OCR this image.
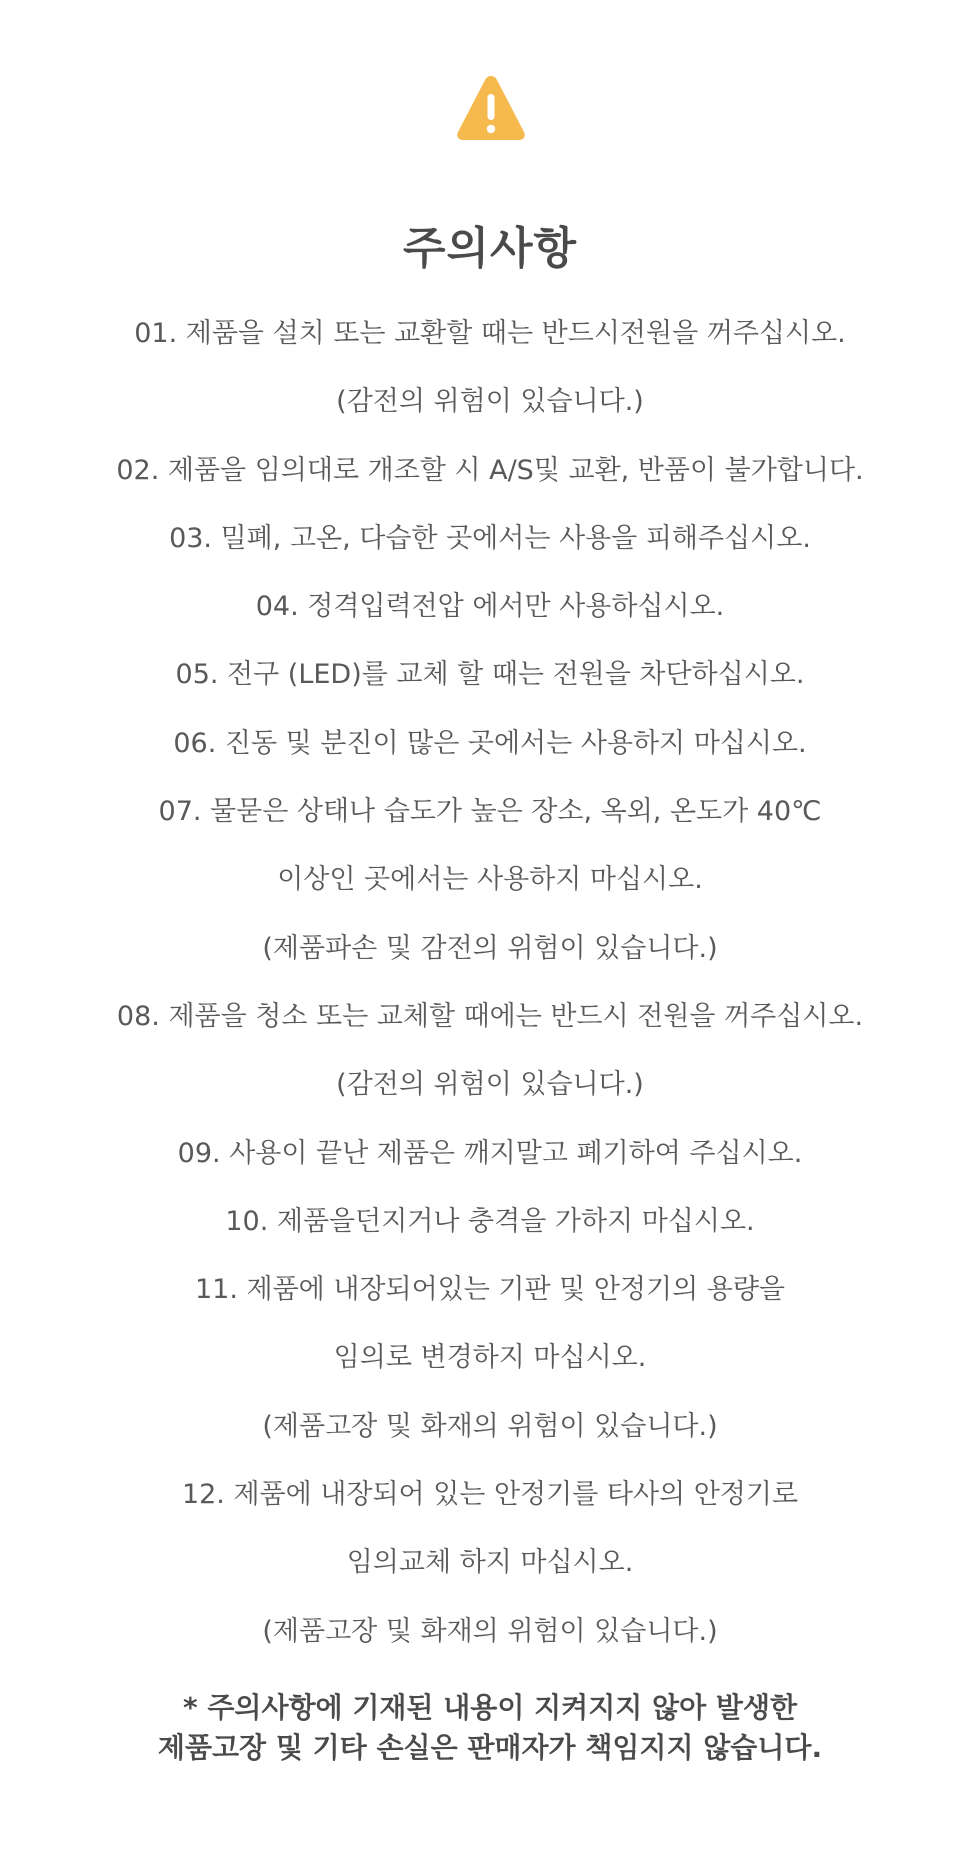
주의사항
01. 제품을 설치 또는 교환할 때는 반드시전원을 꺼주십시오.
(감전의 위험이 있습니다.)
02. 제품을 임의대로 개조할 시 A/S및 교환, 반품이 불가합니다.
03. 밀폐, 고온, 다습한 곳에서는 사용을 피해주십시오.
04. 정격입력전압 에서만 사용하십시오.
05. 전구 (LED)를 교체 할 때는 전원을 차단하십시오.
06. 진동 및 분진이 많은 곳에서는 사용하지 마십시오.
07. 물묻은 상태나 습도가 높은 장소, 옥외, 온도가 40℃
이상인 곳에서는 사용하지 마십시오.
(제품파손 및 감전의 위험이 있습니다.)
08. 제품을 청소 또는 교체할 때에는 반드시 전원을 꺼주십시오.
(감전의 위험이 있습니다.)
09. 사용이 끝난 제품은 깨지말고 폐기하여 주십시오.
10. 제품을던지거나 충격을 가하지 마십시오.
11. 제품에 내장되어있는 기판 및 안정기의 용량을
임의로 변경하지 마십시오.
(제품고장 및 화재의 위험이 있습니다.)
12. 제품에 내장되어 있는 안정기를 타사의 안정기로
임의교체 하지 마십시오.
(제품고장 및 화재의 위험이 있습니다.)
* 주의사항에 기재된 내용이 지켜지지 않아 발생한
제품고장 및 기타 손실은 판매자가 책임지지 않습니다.
